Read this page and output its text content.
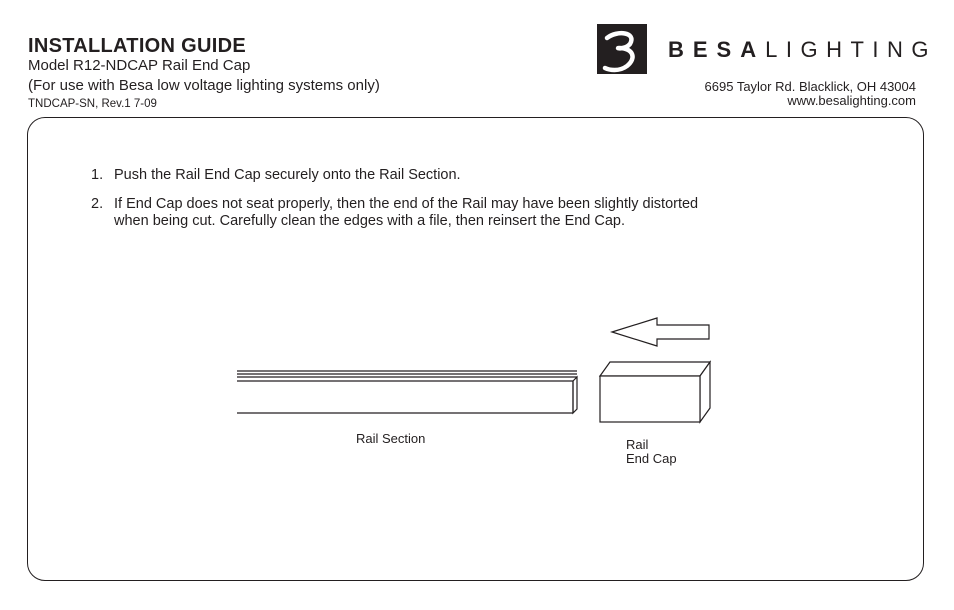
INSTALLATION GUIDE
Model R12-NDCAP Rail End Cap
(For use with Besa low voltage lighting systems only)
TNDCAP-SN, Rev.1 7-09
BESALIGHTING
6695 Taylor Rd. Blacklick, OH 43004
www.besalighting.com
1. Push the Rail End Cap securely onto the Rail Section.
2. If End Cap does not seat properly, then the end of the Rail may have been slightly distorted
when being cut. Carefully clean the edges with a file, then reinsert the End Cap.
Rail Section	Rail
End Cap
